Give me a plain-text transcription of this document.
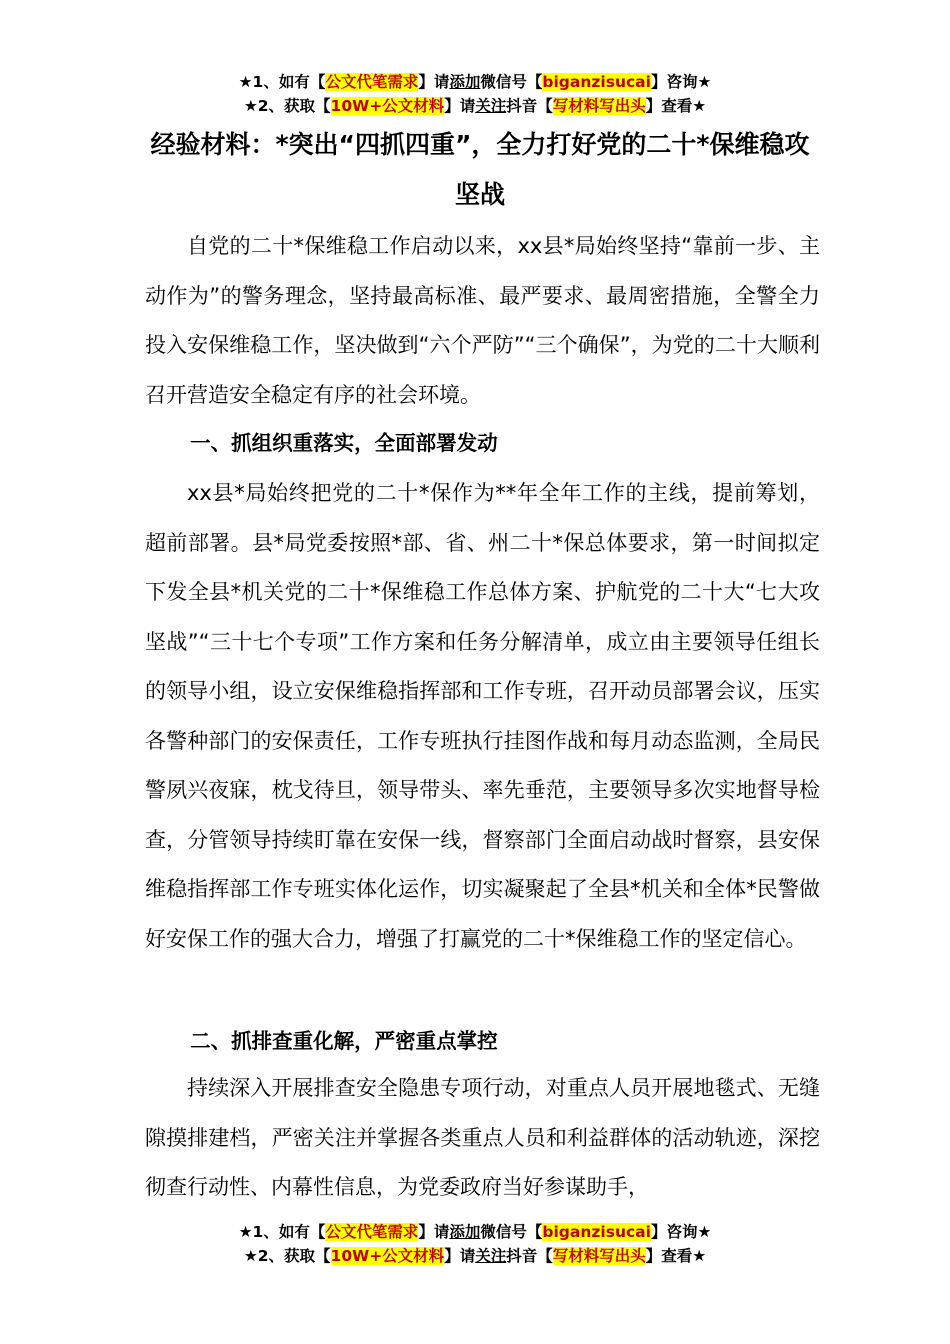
★1、如有【公文代笔需求】请添加微信号【biganzisucai】咨询★
★2、获取【10W+公文材料】请关注抖音【写材料写出头】查看★
经验材料：*突出“四抓四重”，全力打好党的二十*保维稳攻坚战

自党的二十*保维稳工作启动以来，xx县*局始终坚持“靠前一步、主动作为”的警务理念，坚持最高标准、最严要求、最周密措施，全警全力投入安保维稳工作，坚决做到“六个严防”“三个确保”，为党的二十大顺利召开营造安全稳定有序的社会环境。

一、抓组织重落实，全面部署发动

xx县*局始终把党的二十*保作为**年全年工作的主线，提前筹划，超前部署。县*局党委按照*部、省、州二十*保总体要求，第一时间拟定下发全县*机关党的二十*保维稳工作总体方案、护航党的二十大“七大攻坚战”“三十七个专项”工作方案和任务分解清单，成立由主要领导任组长的领导小组，设立安保维稳指挥部和工作专班，召开动员部署会议，压实各警种部门的安保责任，工作专班执行挂图作战和每月动态监测，全局民警夙兴夜寐，枕戈待旦，领导带头、率先垂范，主要领导多次实地督导检查，分管领导持续盯靠在安保一线，督察部门全面启动战时督察，县安保维稳指挥部工作专班实体化运作，切实凝聚起了全县*机关和全体*民警做好安保工作的强大合力，增强了打赢党的二十*保维稳工作的坚定信心。

二、抓排查重化解，严密重点掌控

持续深入开展排查安全隐患专项行动，对重点人员开展地毯式、无缝隙摸排建档，严密关注并掌握各类重点人员和利益群体的活动轨迹，深挖彻查行动性、内幕性信息，为党委政府当好参谋助手，

★1、如有【公文代笔需求】请添加微信号【biganzisucai】咨询★
★2、获取【10W+公文材料】请关注抖音【写材料写出头】查看★
